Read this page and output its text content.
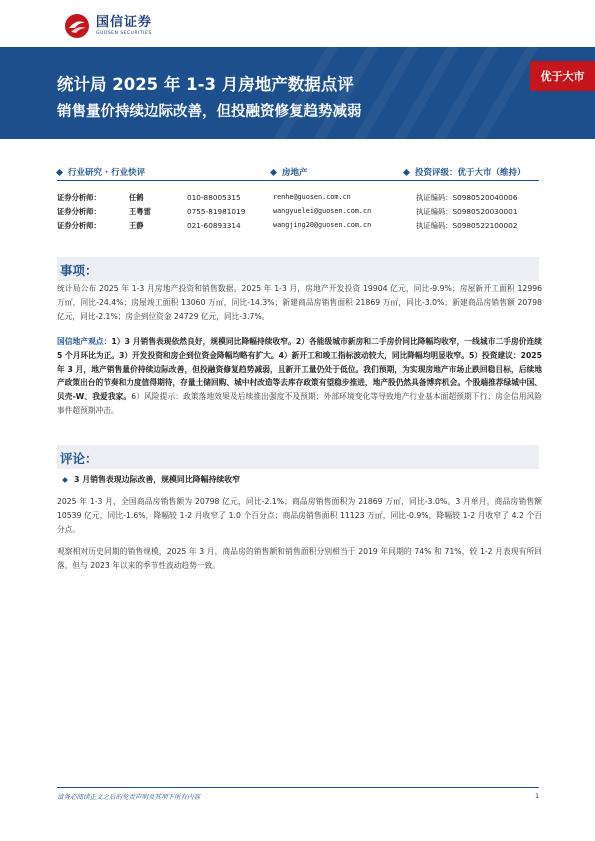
国信证券
GUOSEN SECURITIES
统计局 2025 年 1-3 月房地产数据点评
销售量价持续边际改善，但投融资修复趋势减弱
优于大市
行业研究 · 行业快评	房地产	投资评级：优于大市（维持）
证券分析师：	任鹤	010-88005315	renhe@guosen.com.cn	执证编码：S0980520040006
证券分析师：	王粤雷	0755-81981019	wangyuelei@guosen.com.cn	执证编码：S0980520030001
证券分析师：	王静	021-60893314	wangjing20@guosen.com.cn	执证编码：S0980522100002
事项：
统计局公布 2025 年 1-3 月房地产投资和销售数据。2025 年 1-3 月，房地产开发投资 19904 亿元，同比-9.9%；房屋新开工面积 12996 万㎡，同比-24.4%；房屋竣工面积 13060 万㎡，同比-14.3%；新建商品房销售面积 21869 万㎡，同比-3.0%；新建商品房销售额 20798 亿元，同比-2.1%；房企到位资金 24729 亿元，同比-3.7%。
国信地产观点：1）3 月销售表现依然良好，规模同比降幅持续收窄。2）各能级城市新房和二手房价同比降幅均收窄，一线城市二手房价连续 5 个月环比为正。3）开发投资和房企到位资金降幅均略有扩大。4）新开工和竣工指标波动较大，同比降幅均明显收窄。5）投资建议：2025 年 3 月，地产销售量价持续边际改善，但投融资修复趋势减弱，且新开工量仍处于低位。我们预期，为实现房地产市场止跌回稳目标，后续地产政策出台的节奏和力度值得期待，存量土储回购、城中村改造等去库存政策有望稳步推进，地产股仍然具备博弈机会。个股端推荐绿城中国、贝壳-W、我爱我家。6）风险提示：政策落地效果及后续推出强度不及预期；外部环境变化等导致地产行业基本面超预期下行；房企信用风险事件超预期冲击。
评论：
3 月销售表现边际改善，规模同比降幅持续收窄
2025 年 1-3 月，全国商品房销售额为 20798 亿元，同比-2.1%；商品房销售面积为 21869 万㎡，同比-3.0%。3 月单月，商品房销售额 10539 亿元，同比-1.6%，降幅较 1-2 月收窄了 1.0 个百分点；商品房销售面积 11123 万㎡，同比-0.9%，降幅较 1-2 月收窄了 4.2 个百分点。
观察相对历史同期的销售规模，2025 年 3 月，商品房的销售额和销售面积分别相当于 2019 年同期的 74% 和 71%，较 1-2 月表现有所回落，但与 2023 年以来的季节性波动趋势一致。
请务必阅读正文之后的免责声明及其项下所有内容	1
